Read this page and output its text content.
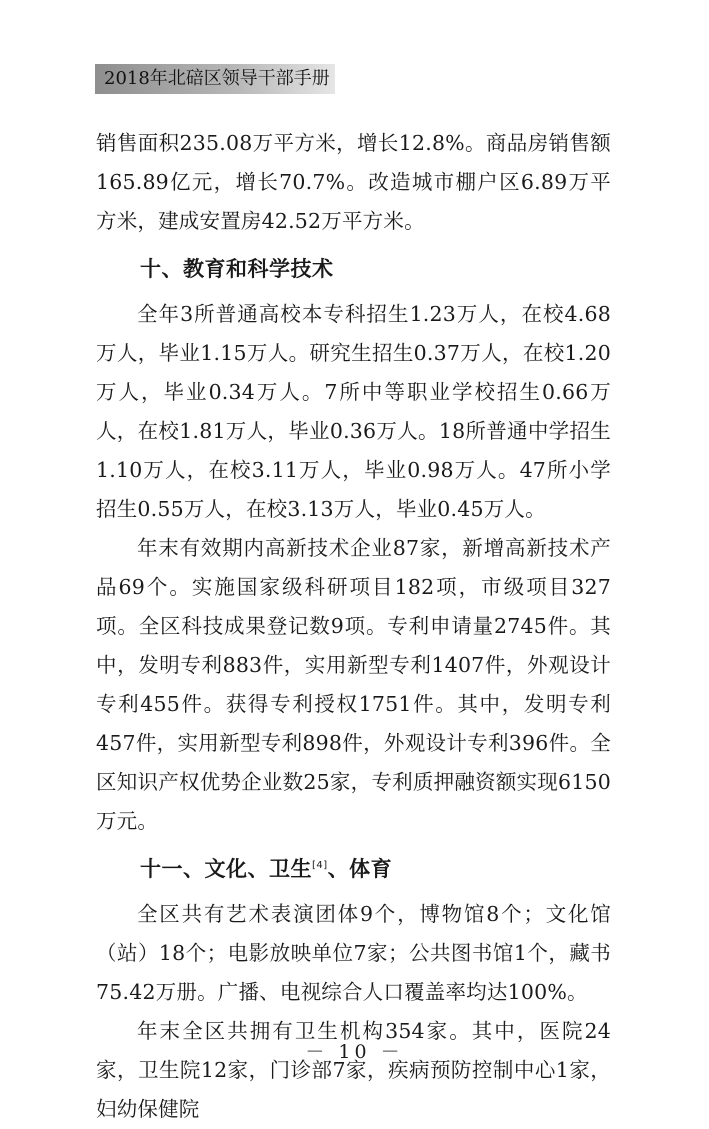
2018年北碚区领导干部手册

销售面积235.08万平方米，增长12.8%。商品房销售额165.89亿元，增长70.7%。改造城市棚户区6.89万平方米，建成安置房42.52万平方米。

十、教育和科学技术

全年3所普通高校本专科招生1.23万人，在校4.68万人，毕业1.15万人。研究生招生0.37万人，在校1.20万人，毕业0.34万人。7所中等职业学校招生0.66万人，在校1.81万人，毕业0.36万人。18所普通中学招生1.10万人，在校3.11万人，毕业0.98万人。47所小学招生0.55万人，在校3.13万人，毕业0.45万人。

年末有效期内高新技术企业87家，新增高新技术产品69个。实施国家级科研项目182项，市级项目327项。全区科技成果登记数9项。专利申请量2745件。其中，发明专利883件，实用新型专利1407件，外观设计专利455件。获得专利授权1751件。其中，发明专利457件，实用新型专利898件，外观设计专利396件。全区知识产权优势企业数25家，专利质押融资额实现6150万元。

十一、文化、卫生[4]、体育

全区共有艺术表演团体9个，博物馆8个；文化馆（站）18个；电影放映单位7家；公共图书馆1个，藏书75.42万册。广播、电视综合人口覆盖率均达100%。

年末全区共拥有卫生机构354家。其中，医院24家，卫生院12家，门诊部7家，疾病预防控制中心1家，妇幼保健院

－ 10 －
